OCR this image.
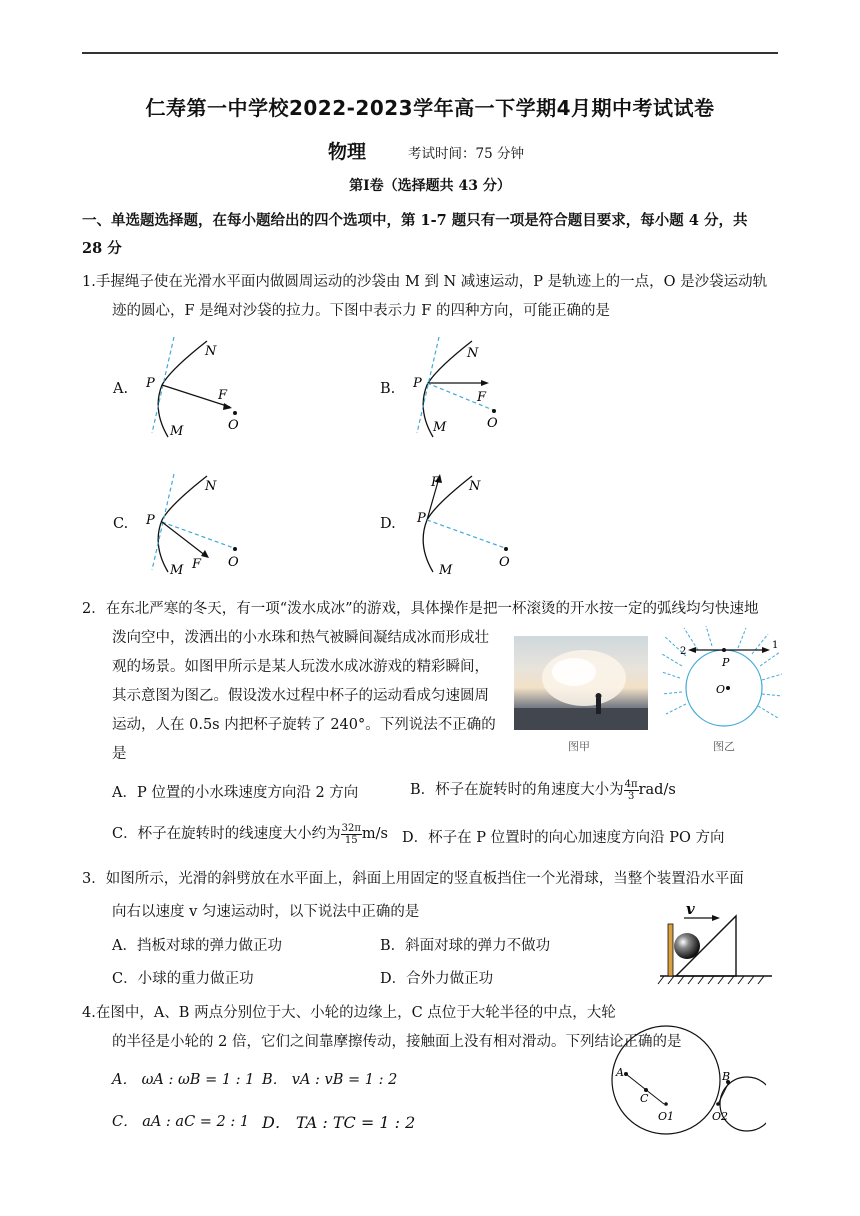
仁寿第一中学校2022-2023学年高一下学期4月期中考试试卷
物理	考试时间：75 分钟
第Ⅰ卷（选择题共 43 分）
一、单选题选择题，在每小题给出的四个选项中，第 1-7 题只有一项是符合题目要求，每小题 4 分，共
28 分
1.手握绳子使在光滑水平面内做圆周运动的沙袋由 M 到 N 减速运动，P 是轨迹上的一点，O 是沙袋运动轨
迹的圆心，F 是绳对沙袋的拉力。下图中表示力 F 的四种方向，可能正确的是
A.	B.
C.	D.
N
P
F
O
M
N
P
F
O
M
N
P
F O
M
F N
P
O
M
2．在东北严寒的冬天，有一项“泼水成冰”的游戏，具体操作是把一杯滚烫的开水按一定的弧线均匀快速地
泼向空中，泼洒出的小水珠和热气被瞬间凝结成冰而形成壮
观的场景。如图甲所示是某人玩泼水成冰游戏的精彩瞬间，
其示意图为图乙。假设泼水过程中杯子的运动看成匀速圆周
运动，人在 0.5s 内把杯子旋转了 240°。下列说法不正确的
是	图甲
2
1
P
O
图乙
A．P 位置的小水珠速度方向沿 2 方向	B．杯子在旋转时的角速度大小为 $\frac{4\pi}{3} rad/s$
C．杯子在旋转时的线速度大小约为 $\frac{32\pi}{15} m/s$ D．杯子在 P 位置时的向心加速度方向沿 PO 方向
3．如图所示，光滑的斜劈放在水平面上，斜面上用固定的竖直板挡住一个光滑球，当整个装置沿水平面
向右以速度 v 匀速运动时，以下说法中正确的是
A．挡板对球的弹力做正功	B．斜面对球的弹力不做功
C．小球的重力做正功	D．合外力做正功
v
4.在图中，A、B 两点分别位于大、小轮的边缘上，C 点位于大轮半径的中点，大轮
的半径是小轮的 2 倍，它们之间靠摩擦传动，接触面上没有相对滑动。下列结论正确的是
A． ωA : ωB = 1 : 1 B． vA : vB = 1 : 2
C． aA : aC = 2 : 1 D． TA : TC = 1 : 2
A
C
O1
B
O2
